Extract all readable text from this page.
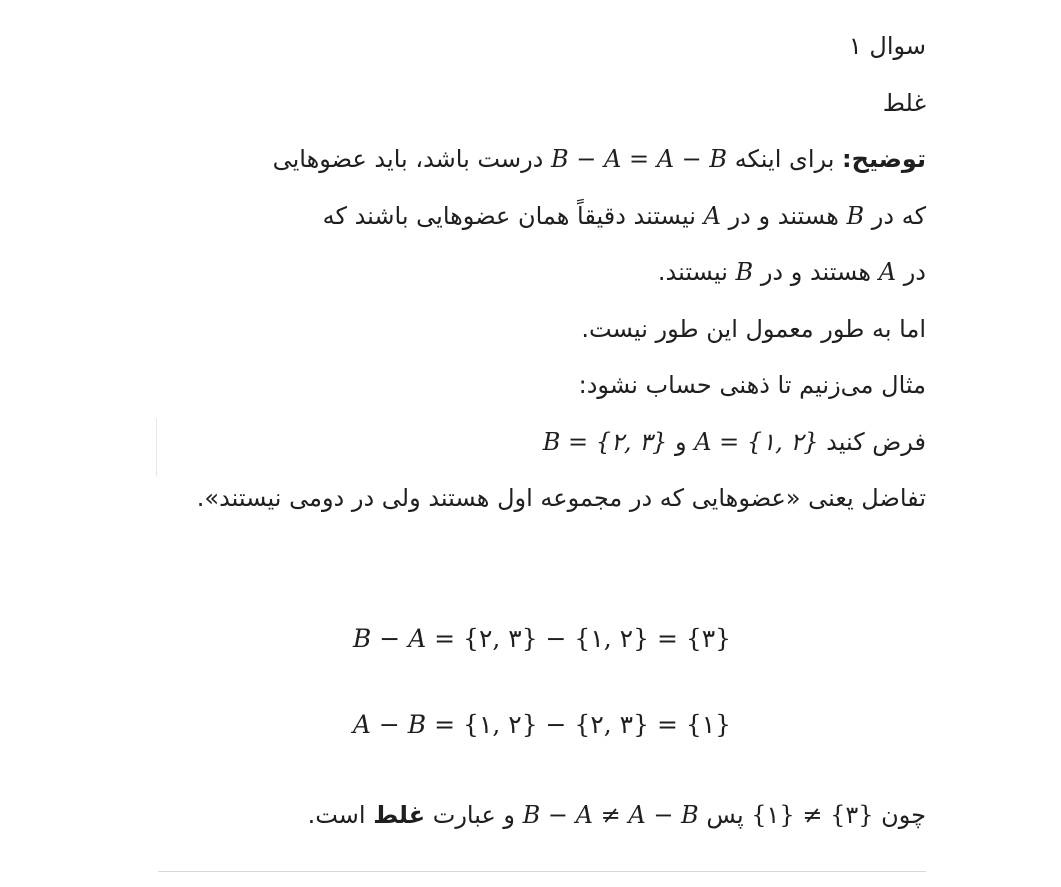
سوال ۱
غلط
توضیح: برای اینکه B − A = A − B درست باشد، باید عضوهایی
که در B هستند و در A نیستند دقیقاً همان عضوهایی باشند که
در A هستند و در B نیستند.
اما به طور معمول این طور نیست.
مثال می‌زنیم تا ذهنی حساب نشود:
فرض کنید A = {۱, ۲} و B = {۲, ۳}
تفاضل یعنی «عضوهایی که در مجموعه اول هستند ولی در دومی نیستند».
B − A = {۲, ۳} − {۱, ۲} = {۳}
A − B = {۱, ۲} − {۲, ۳} = {۱}
چون {۱} ≠ {۳} پس B − A ≠ A − B و عبارت غلط است.
